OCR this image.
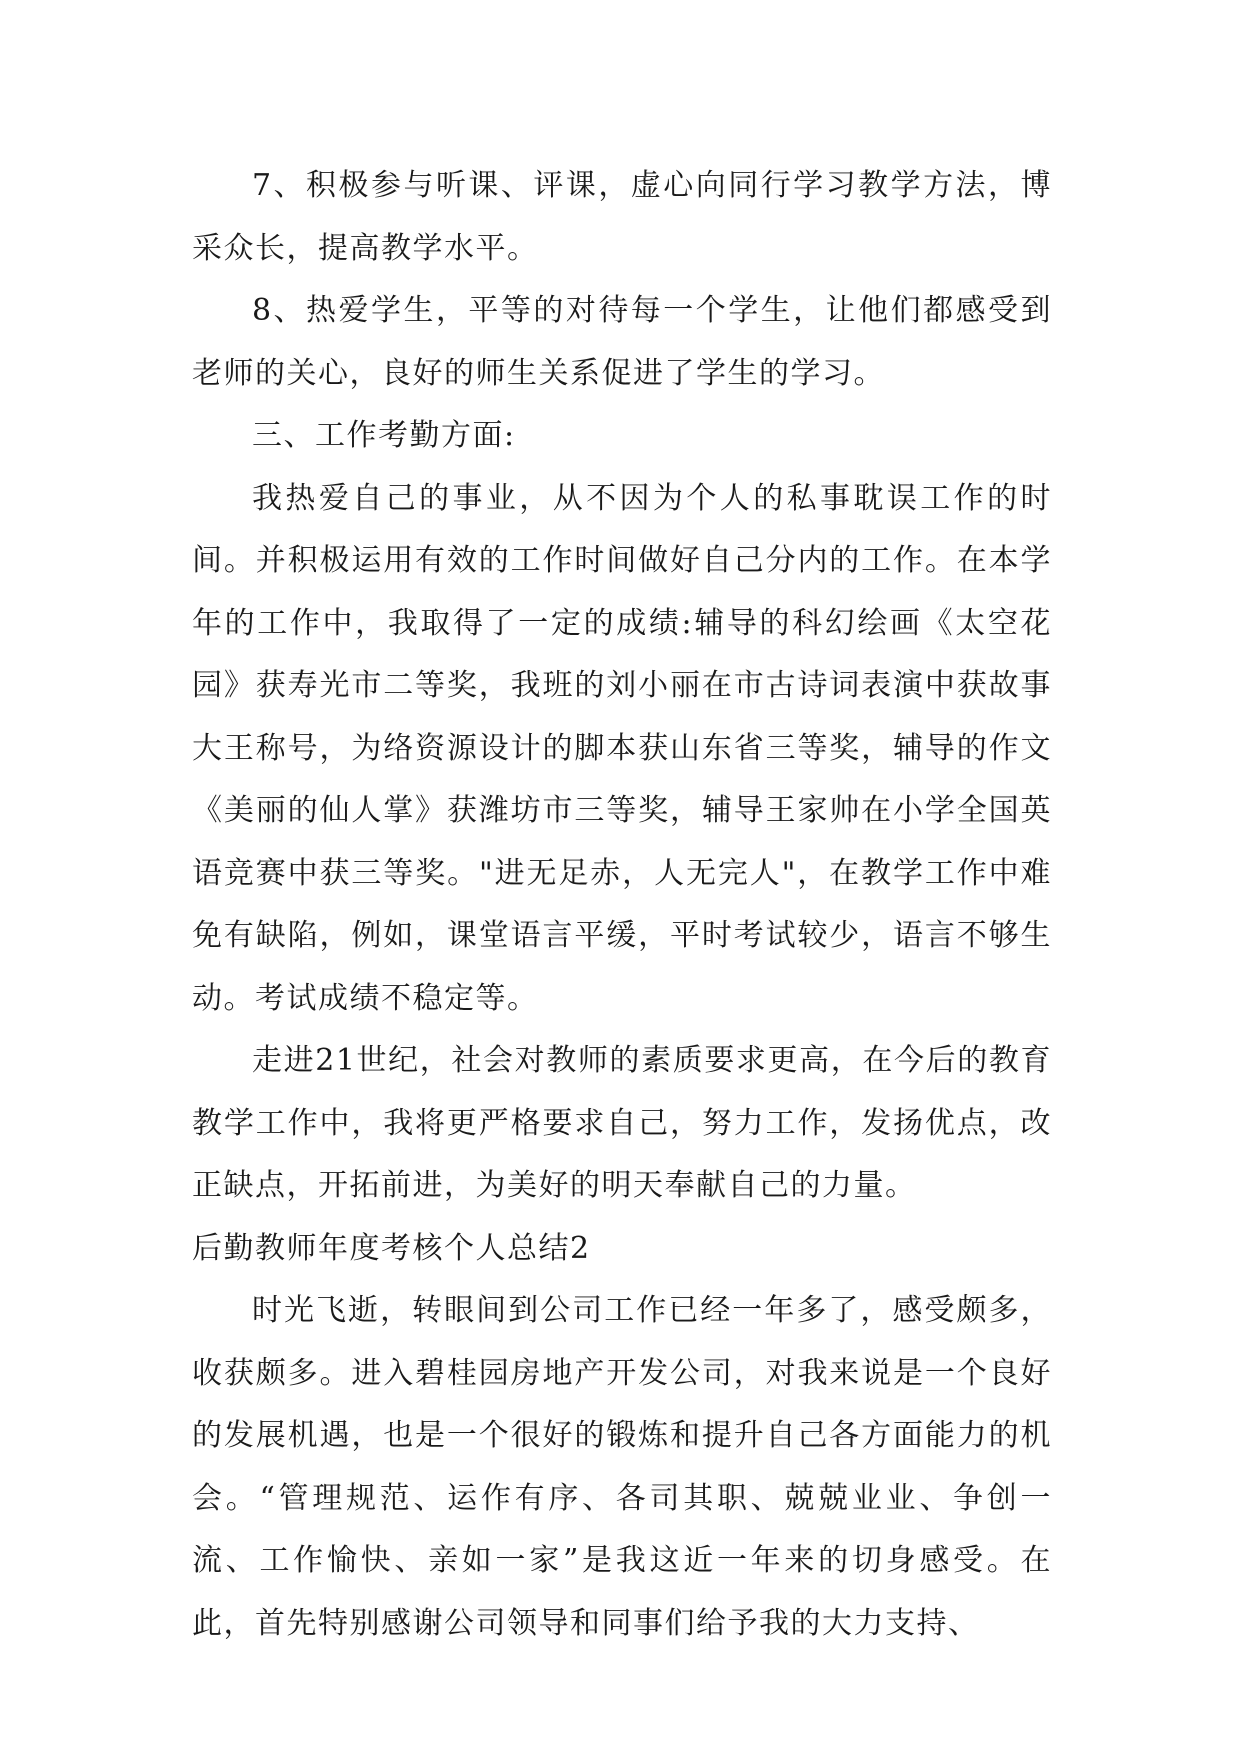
7、积极参与听课、评课，虚心向同行学习教学方法，博采众长，提高教学水平。

8、热爱学生，平等的对待每一个学生，让他们都感受到老师的关心，良好的师生关系促进了学生的学习。

三、工作考勤方面:

我热爱自己的事业，从不因为个人的私事耽误工作的时间。并积极运用有效的工作时间做好自己分内的工作。在本学年的工作中，我取得了一定的成绩:辅导的科幻绘画《太空花园》获寿光市二等奖，我班的刘小丽在市古诗词表演中获故事大王称号，为络资源设计的脚本获山东省三等奖，辅导的作文《美丽的仙人掌》获潍坊市三等奖，辅导王家帅在小学全国英语竞赛中获三等奖。"进无足赤，人无完人"，在教学工作中难免有缺陷，例如，课堂语言平缓，平时考试较少，语言不够生动。考试成绩不稳定等。

走进21世纪，社会对教师的素质要求更高，在今后的教育教学工作中，我将更严格要求自己，努力工作，发扬优点，改正缺点，开拓前进，为美好的明天奉献自己的力量。

后勤教师年度考核个人总结2

时光飞逝，转眼间到公司工作已经一年多了，感受颇多，收获颇多。进入碧桂园房地产开发公司，对我来说是一个良好的发展机遇，也是一个很好的锻炼和提升自己各方面能力的机会。“管理规范、运作有序、各司其职、兢兢业业、争创一流、工作愉快、亲如一家”是我这近一年来的切身感受。在此，首先特别感谢公司领导和同事们给予我的大力支持、
